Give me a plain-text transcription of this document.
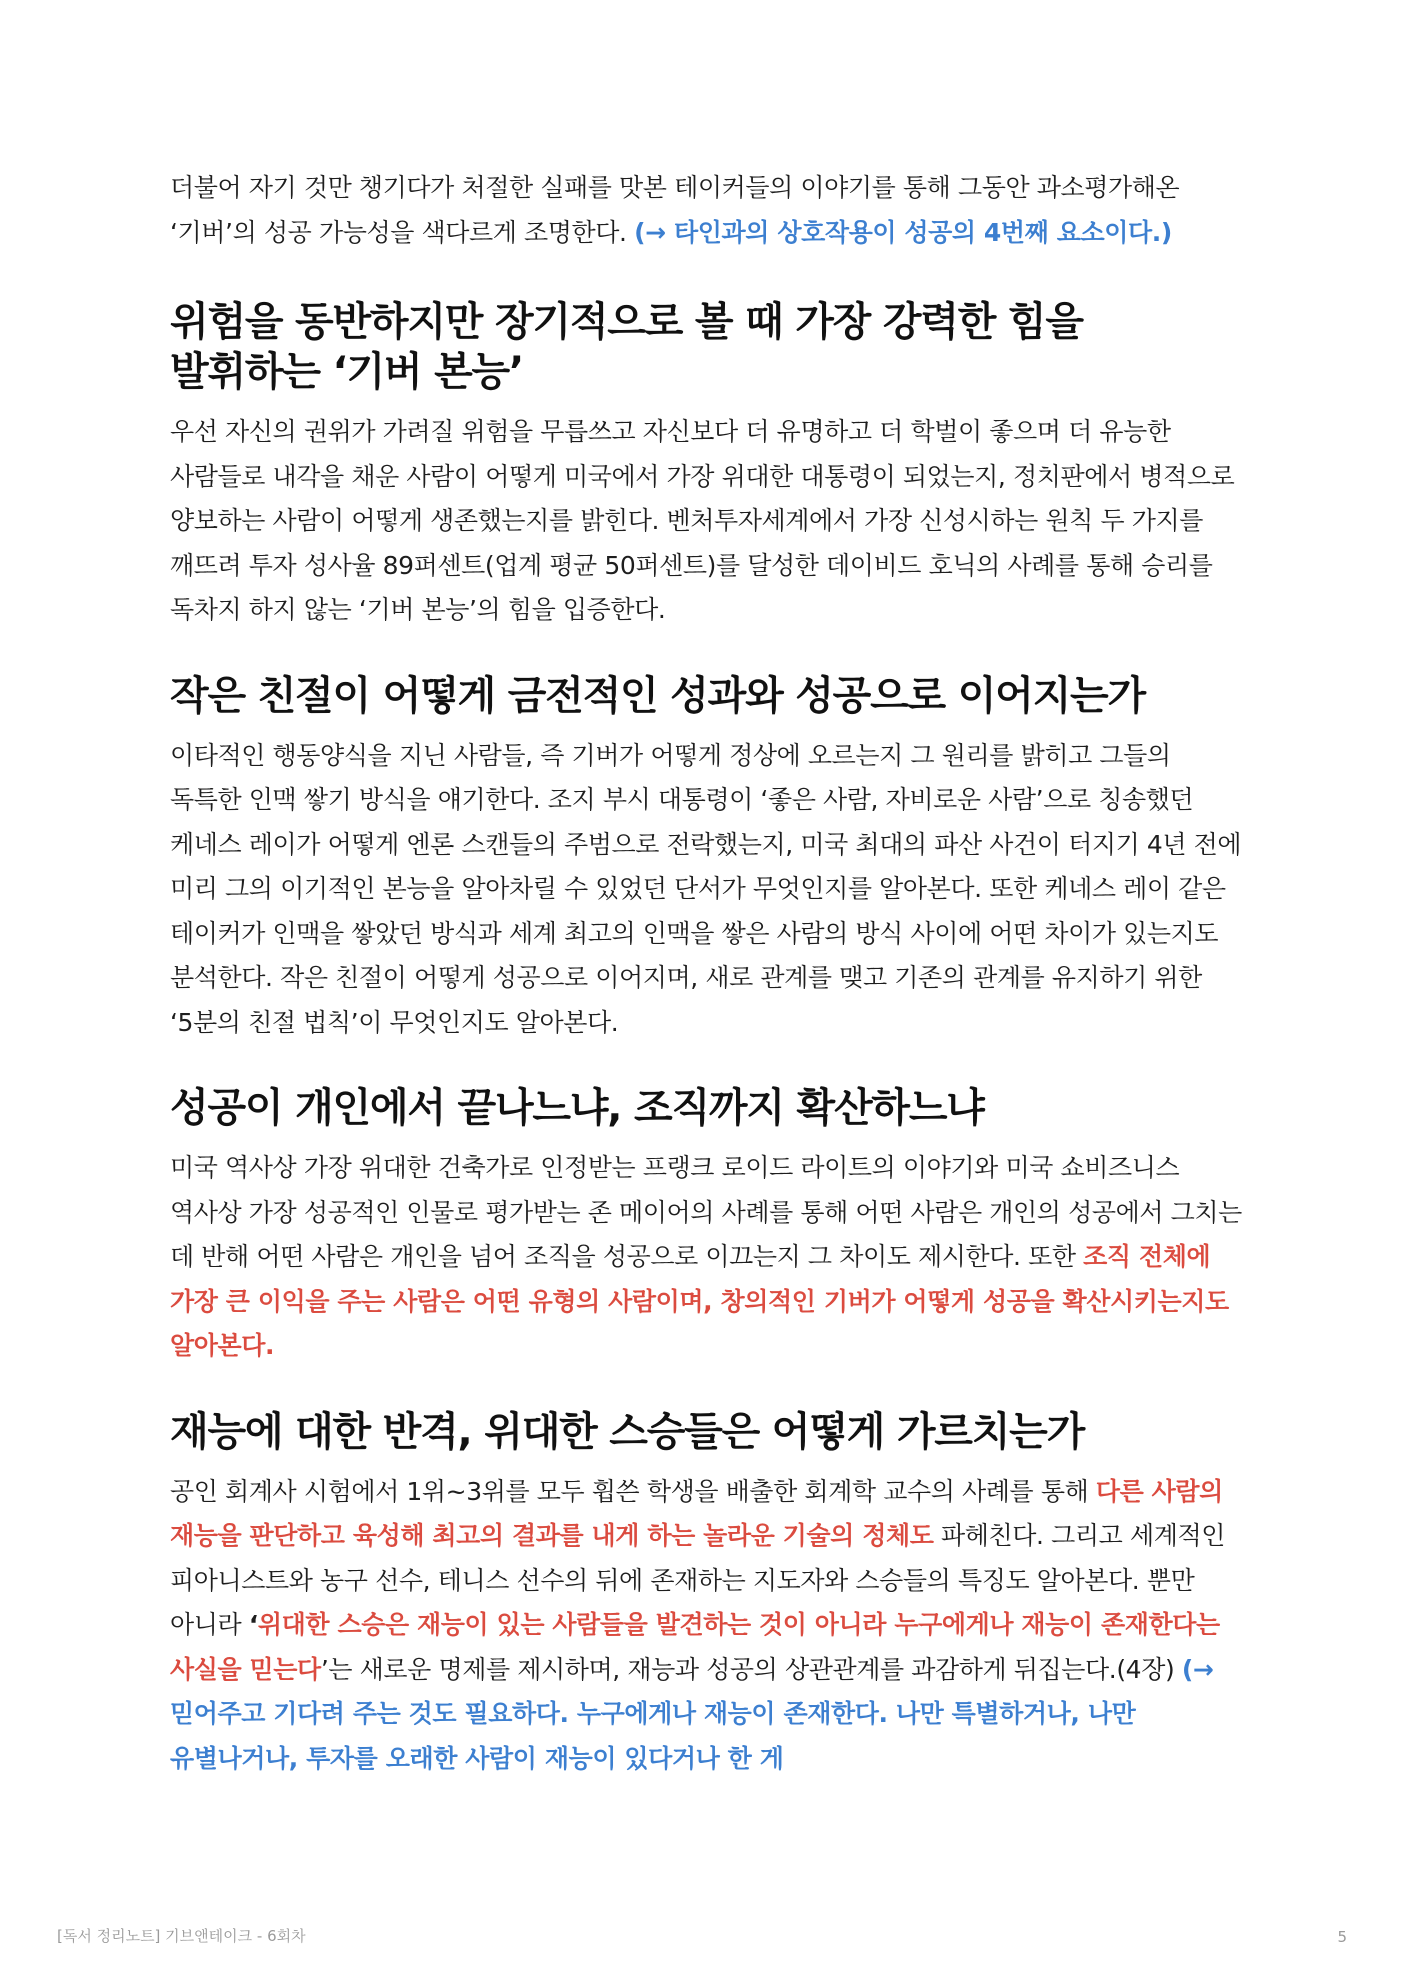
더불어 자기 것만 챙기다가 처절한 실패를 맛본 테이커들의 이야기를 통해 그동안 과소평가해온 ‘기버’의 성공 가능성을 색다르게 조명한다. (→ 타인과의 상호작용이 성공의 4번째 요소이다.)

위험을 동반하지만 장기적으로 볼 때 가장 강력한 힘을 발휘하는 ‘기버 본능’

우선 자신의 권위가 가려질 위험을 무릅쓰고 자신보다 더 유명하고 더 학벌이 좋으며 더 유능한 사람들로 내각을 채운 사람이 어떻게 미국에서 가장 위대한 대통령이 되었는지, 정치판에서 병적으로 양보하는 사람이 어떻게 생존했는지를 밝힌다. 벤처투자세계에서 가장 신성시하는 원칙 두 가지를 깨뜨려 투자 성사율 89퍼센트(업계 평균 50퍼센트)를 달성한 데이비드 호닉의 사례를 통해 승리를 독차지 하지 않는 ‘기버 본능’의 힘을 입증한다.

작은 친절이 어떻게 금전적인 성과와 성공으로 이어지는가

이타적인 행동양식을 지닌 사람들, 즉 기버가 어떻게 정상에 오르는지 그 원리를 밝히고 그들의 독특한 인맥 쌓기 방식을 얘기한다. 조지 부시 대통령이 ‘좋은 사람, 자비로운 사람’으로 칭송했던 케네스 레이가 어떻게 엔론 스캔들의 주범으로 전락했는지, 미국 최대의 파산 사건이 터지기 4년 전에 미리 그의 이기적인 본능을 알아차릴 수 있었던 단서가 무엇인지를 알아본다. 또한 케네스 레이 같은 테이커가 인맥을 쌓았던 방식과 세계 최고의 인맥을 쌓은 사람의 방식 사이에 어떤 차이가 있는지도 분석한다. 작은 친절이 어떻게 성공으로 이어지며, 새로 관계를 맺고 기존의 관계를 유지하기 위한 ‘5분의 친절 법칙’이 무엇인지도 알아본다.

성공이 개인에서 끝나느냐, 조직까지 확산하느냐

미국 역사상 가장 위대한 건축가로 인정받는 프랭크 로이드 라이트의 이야기와 미국 쇼비즈니스 역사상 가장 성공적인 인물로 평가받는 존 메이어의 사례를 통해 어떤 사람은 개인의 성공에서 그치는 데 반해 어떤 사람은 개인을 넘어 조직을 성공으로 이끄는지 그 차이도 제시한다. 또한 조직 전체에 가장 큰 이익을 주는 사람은 어떤 유형의 사람이며, 창의적인 기버가 어떻게 성공을 확산시키는지도 알아본다.

재능에 대한 반격, 위대한 스승들은 어떻게 가르치는가

공인 회계사 시험에서 1위~3위를 모두 휩쓴 학생을 배출한 회계학 교수의 사례를 통해 다른 사람의 재능을 판단하고 육성해 최고의 결과를 내게 하는 놀라운 기술의 정체도 파헤친다. 그리고 세계적인 피아니스트와 농구 선수, 테니스 선수의 뒤에 존재하는 지도자와 스승들의 특징도 알아본다. 뿐만 아니라 ‘위대한 스승은 재능이 있는 사람들을 발견하는 것이 아니라 누구에게나 재능이 존재한다는 사실을 믿는다’는 새로운 명제를 제시하며, 재능과 성공의 상관관계를 과감하게 뒤집는다.(4장) (→ 믿어주고 기다려 주는 것도 필요하다. 누구에게나 재능이 존재한다. 나만 특별하거나, 나만 유별나거나, 투자를 오래한 사람이 재능이 있다거나 한 게

[독서 정리노트] 기브앤테이크 - 6회차	5
